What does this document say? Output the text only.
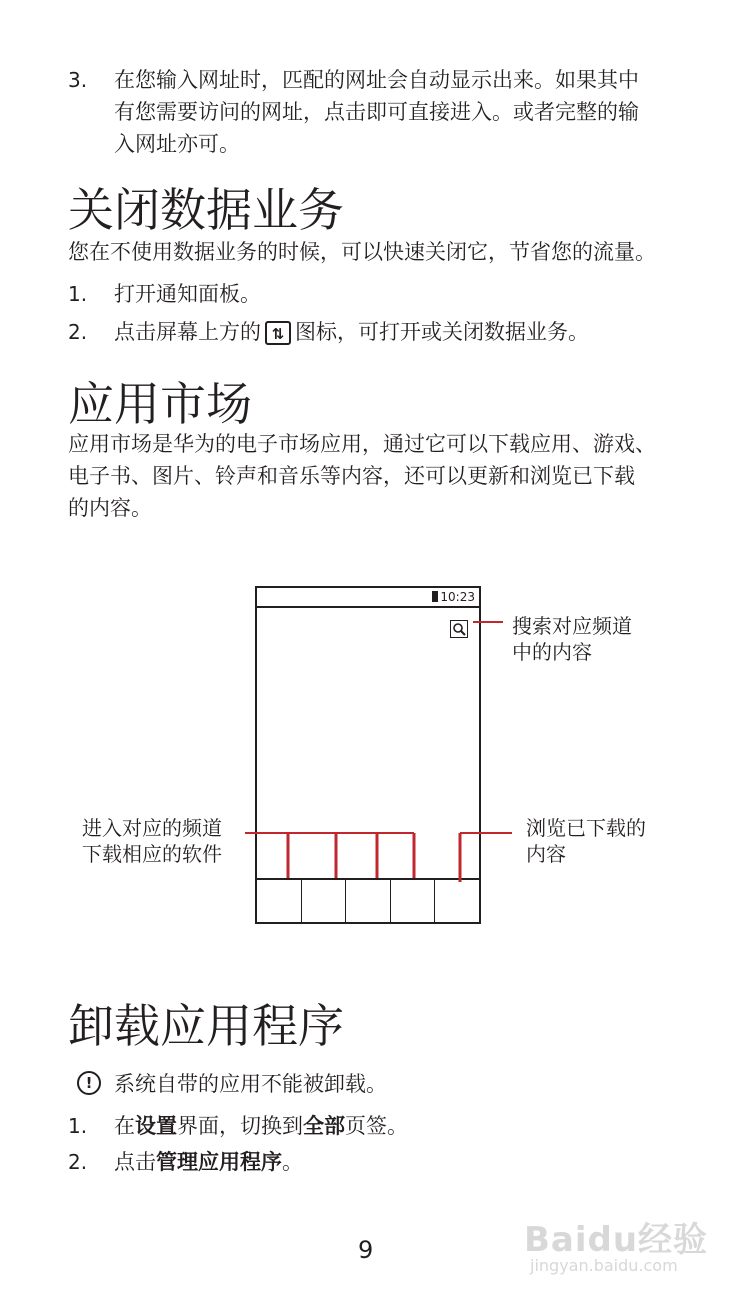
3. 在您输入网址时，匹配的网址会自动显示出来。如果其中
有您需要访问的网址，点击即可直接进入。或者完整的输
入网址亦可。
关闭数据业务
您在不使用数据业务的时候，可以快速关闭它，节省您的流量。
1. 打开通知面板。
2. 点击屏幕上方的 ⇅ 图标，可打开或关闭数据业务。
应用市场
应用市场是华为的电子市场应用，通过它可以下载应用、游戏、
电子书、图片、铃声和音乐等内容，还可以更新和浏览已下载
的内容。
10:23
搜索对应频道
中的内容
进入对应的频道
下载相应的软件
浏览已下载的
内容
卸载应用程序
!	系统自带的应用不能被卸载。
1. 在设置界面，切换到全部页签。
2. 点击管理应用程序。
9	Baidu经验
jingyan.baidu.com
